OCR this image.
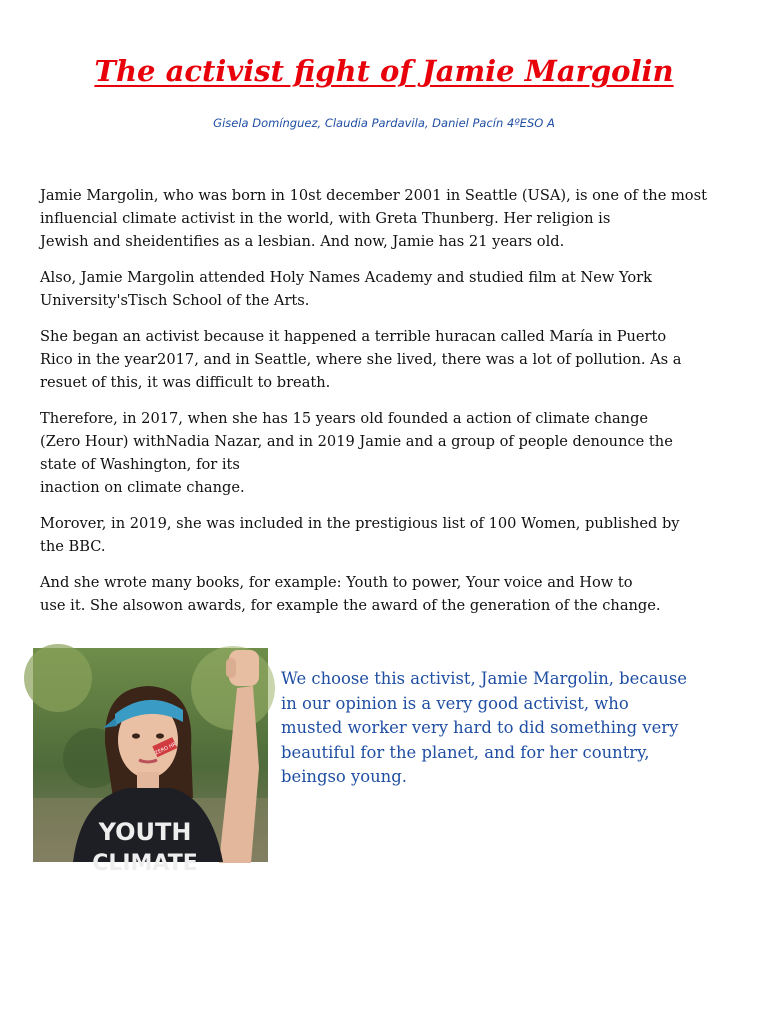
The activist fight of Jamie Margolin

Gisela Domínguez, Claudia Pardavila, Daniel Pacín 4ºESO A

Jamie Margolin, who was born in 10st december 2001 in Seattle (USA), is one of the most
influencial climate activist in the world, with Greta Thunberg. Her religion is
Jewish and sheidentifies as a lesbian. And now, Jamie has 21 years old.

Also, Jamie Margolin attended Holy Names Academy and studied film at New York
University'sTisch School of the Arts.

She began an activist because it happened a terrible huracan called María in Puerto
Rico in the year2017, and in Seattle, where she lived, there was a lot of pollution. As a
resuet of this, it was difficult to breath.

Therefore, in 2017, when she has 15 years old founded a action of climate change
(Zero Hour) withNadia Nazar, and in 2019 Jamie and a group of people denounce the
state of Washington, for its
inaction on climate change.

Morover, in 2019, she was included in the prestigious list of 100 Women, published by
the BBC.

And she wrote many books, for example: Youth to power, Your voice and How to
use it. She alsowon awards, for example the award of the generation of the change.

ZERO HR
YOUTH
CLIMATE

We choose this activist, Jamie Margolin, because
in our opinion is a very good activist, who
musted worker very hard to did something very
beautiful for the planet, and for her country,
beingso young.
